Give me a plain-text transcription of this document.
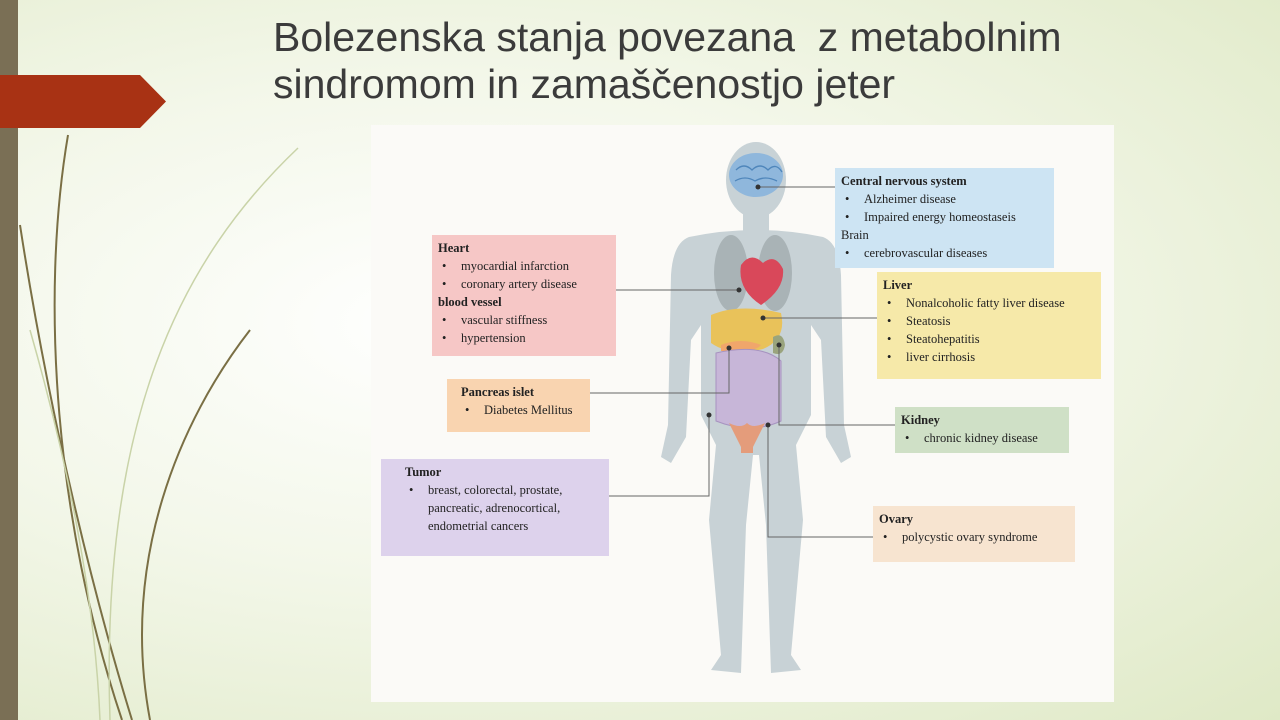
Bolezenska stanja povezana  z metabolnim sindromom in zamaščenostjo jeter
Central nervous system
• Alzheimer disease
• Impaired energy homeostaseis
Brain
• cerebrovascular diseases
Heart
• myocardial infarction
• coronary artery disease
blood vessel
• vascular stiffness
• hypertension
Liver
• Nonalcoholic fatty liver disease
• Steatosis
• Steatohepatitis
• liver cirrhosis
Pancreas islet
• Diabetes Mellitus
Kidney
• chronic kidney disease
Tumor
• breast, colorectal, prostate,
pancreatic, adrenocortical,
endometrial cancers	Ovary
• polycystic ovary syndrome
